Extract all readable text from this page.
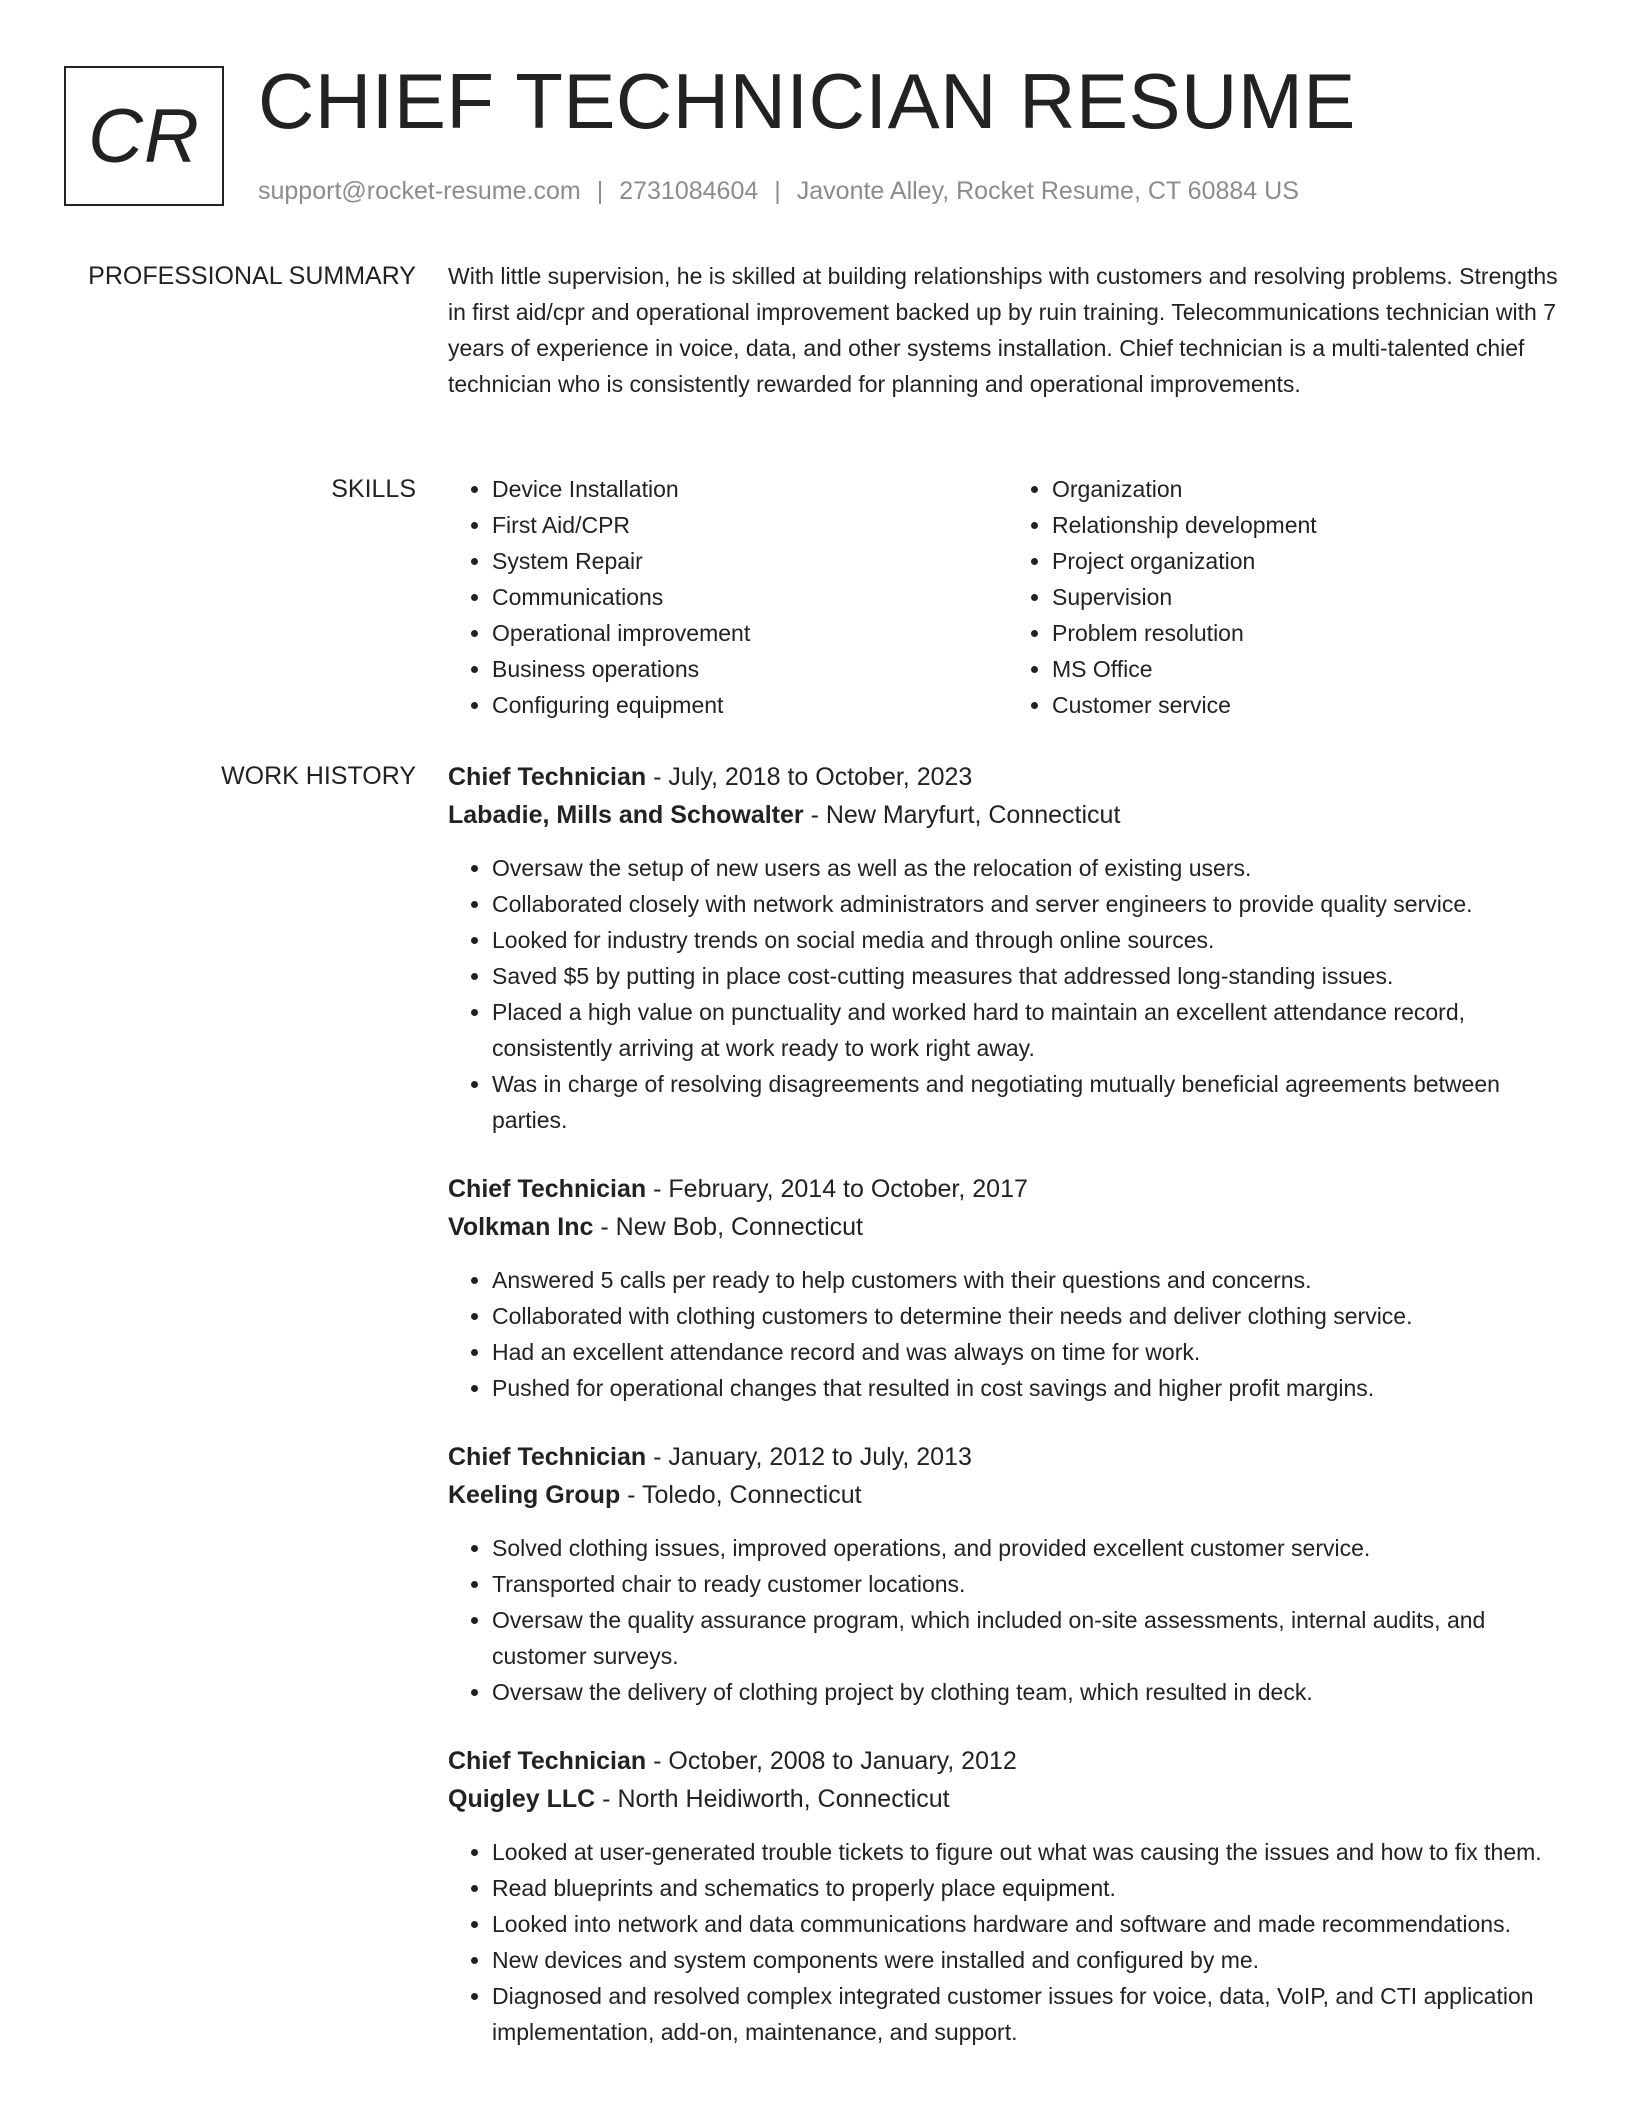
CR CHIEF TECHNICIAN RESUME
support@rocket-resume.com | 2731084604 | Javonte Alley, Rocket Resume, CT 60884 US
PROFESSIONAL SUMMARY With little supervision, he is skilled at building relationships with customers and resolving problems. Strengths in first aid/cpr and operational improvement backed up by ruin training. Telecommunications technician with 7 years of experience in voice, data, and other systems installation. Chief technician is a multi-talented chief technician who is consistently rewarded for planning and operational improvements.

SKILLS
•	Device Installation
• First Aid/CPR
• System Repair
• Communications
• Operational improvement
• Business operations
• Configuring equipment
• Organization
• Relationship development
• Project organization
• Supervision
• Problem resolution
• MS Office
• Customer service
WORK HISTORY Chief Technician - July, 2018 to October, 2023
Labadie, Mills and Schowalter - New Maryfurt, Connecticut
• Oversaw the setup of new users as well as the relocation of existing users.
• Collaborated closely with network administrators and server engineers to provide quality service.
• Looked for industry trends on social media and through online sources.
• Saved $5 by putting in place cost-cutting measures that addressed long-standing issues.
• Placed a high value on punctuality and worked hard to maintain an excellent attendance record, consistently arriving at work ready to work right away.
• Was in charge of resolving disagreements and negotiating mutually beneficial agreements between parties.
Chief Technician - February, 2014 to October, 2017
Volkman Inc - New Bob, Connecticut
• Answered 5 calls per ready to help customers with their questions and concerns.
• Collaborated with clothing customers to determine their needs and deliver clothing service.
• Had an excellent attendance record and was always on time for work.
• Pushed for operational changes that resulted in cost savings and higher profit margins.
Chief Technician - January, 2012 to July, 2013
Keeling Group - Toledo, Connecticut
• Solved clothing issues, improved operations, and provided excellent customer service.
• Transported chair to ready customer locations.
• Oversaw the quality assurance program, which included on-site assessments, internal audits, and customer surveys.
• Oversaw the delivery of clothing project by clothing team, which resulted in deck.
Chief Technician - October, 2008 to January, 2012
Quigley LLC - North Heidiworth, Connecticut
• Looked at user-generated trouble tickets to figure out what was causing the issues and how to fix them.
• Read blueprints and schematics to properly place equipment.
• Looked into network and data communications hardware and software and made recommendations.
• New devices and system components were installed and configured by me.
• Diagnosed and resolved complex integrated customer issues for voice, data, VoIP, and CTI application implementation, add-on, maintenance, and support.
